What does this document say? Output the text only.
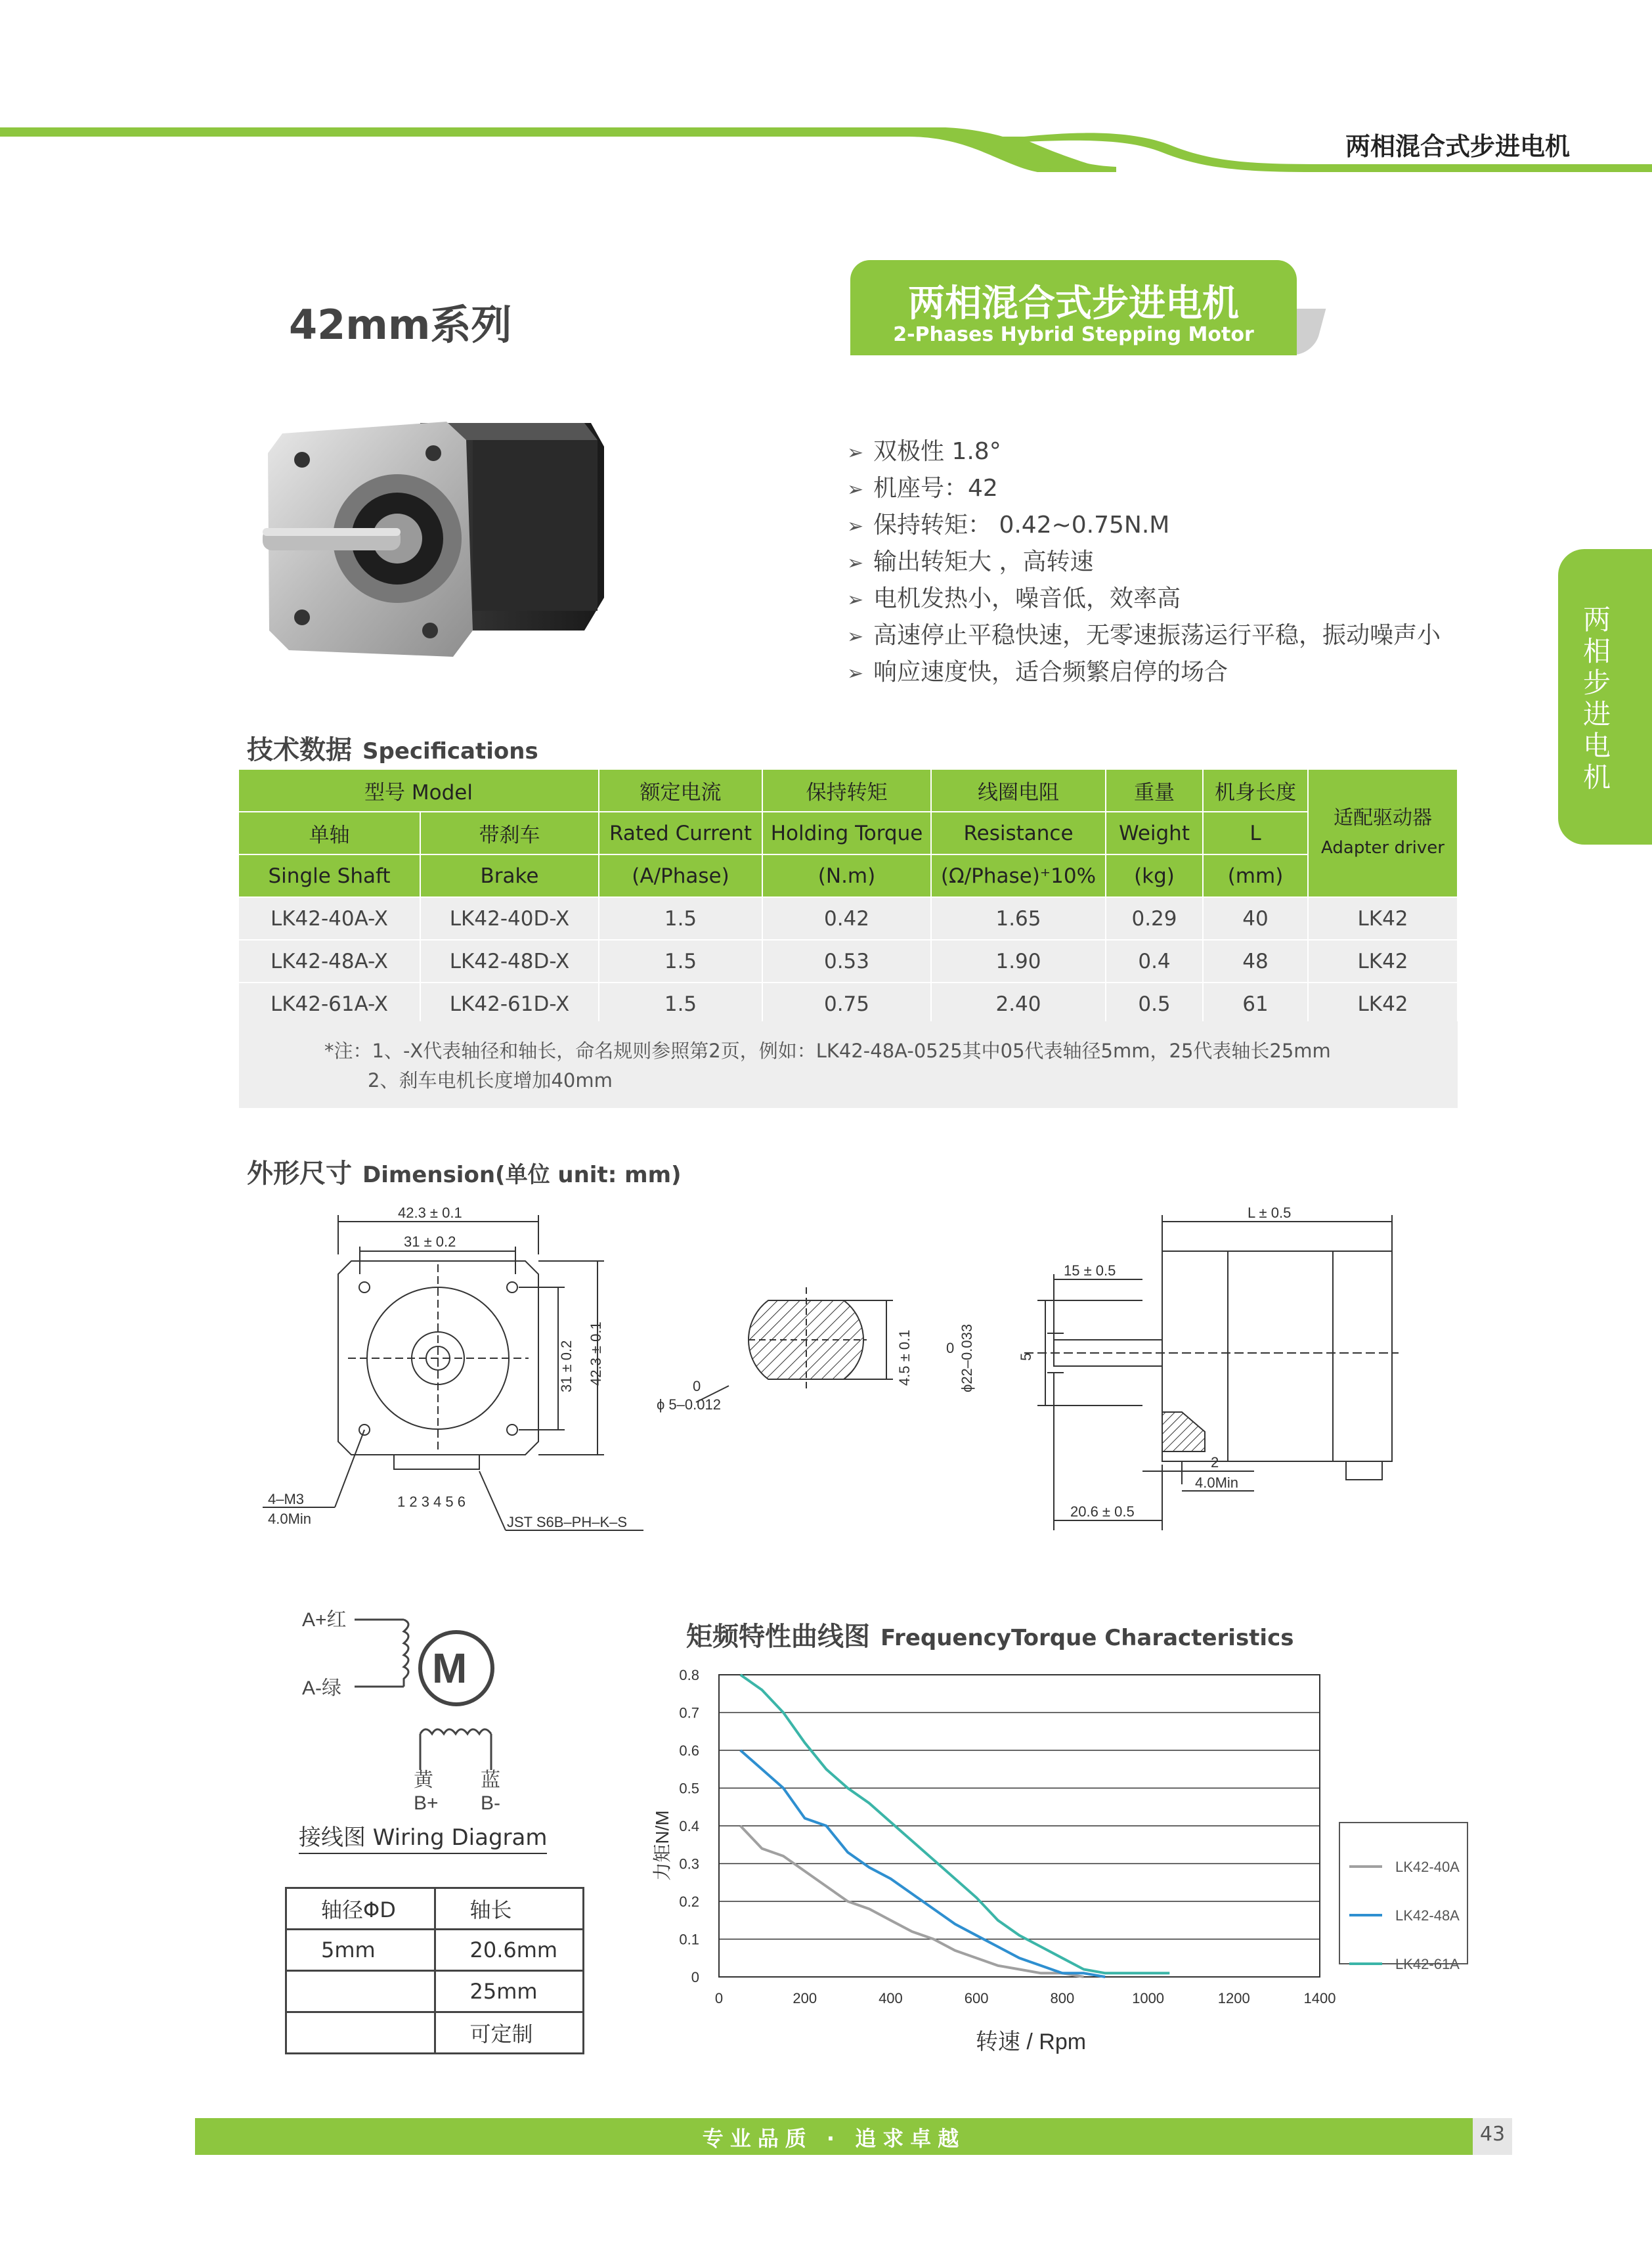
两相混合式步进电机
42mm系列	两相混合式步进电机
2-Phases Hybrid Stepping Motor
两相步进电机
➢ 双极性 1.8°
➢ 机座号：42
➢ 保持转矩： 0.42~0.75N.M
➢ 输出转矩大 ，高转速
➢ 电机发热小，噪音低，效率高
➢ 高速停止平稳快速，无零速振荡运行平稳，振动噪声小
➢ 响应速度快，适合频繁启停的场合
技术数据 Specifications
型号 Model		额定电流	保持转矩	线圈电阻	重量	机身长度	适配驱动器
Adapter driver
单轴	带刹车	Rated Current	Holding Torque	Resistance	Weight	L	
Single Shaft	Brake	(A/Phase)	(N.m)	(Ω/Phase)⁺10%	(kg)	(mm)	
LK42-40A-X	LK42-40D-X	1.5	0.42	1.65	0.29	40	LK42
LK42-48A-X	LK42-48D-X	1.5	0.53	1.90	0.4	48	LK42
LK42-61A-X	LK42-61D-X	1.5	0.75	2.40	0.5	61	LK42
*注：1、-X代表轴径和轴长，命名规则参照第2页，例如：LK42-48A-0525其中05代表轴径5mm，25代表轴长25mm
2、刹车电机长度增加40mm
外形尺寸 Dimension(单位 unit: mm)
42.3 ± 0.1
31 ± 0.2
31 ± 0.2 42.3 ± 0.1
1 2 3 4 5 6
4–M3
4.0Min	JST S6B–PH–K–S
4.5 ± 0.1
0
ϕ 5–0.012
L ± 0.5
15 ± 0.5
0 ϕ22–0.033	5
2
4.0Min
20.6 ± 0.5
A+红
A-绿 M
黄 蓝
B+ B-
接线图 Wiring Diagram
轴径ΦD	轴长
5mm	20.6mm
	25mm
	可定制
矩频特性曲线图 FrequencyTorque Characteristics
0
0.1
0.2
0.3
0.4
0.5
0.6
0.7
0.8
0	200	400	600	800	1000	1200	1400
转速 / Rpm
力矩N/M	LK42-40A
LK42-48A
LK42-61A
专业品质 · 追求卓越	43
